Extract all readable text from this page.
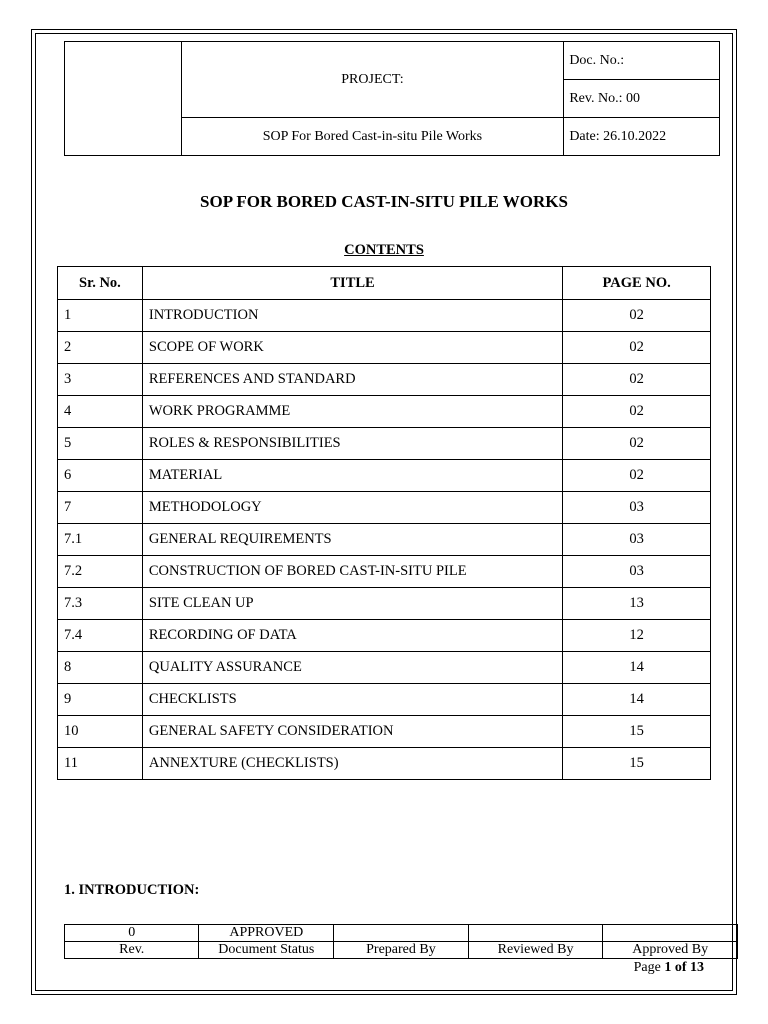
	PROJECT:	Doc. No.:
		Rev. No.: 00
	SOP For Bored Cast-in-situ Pile Works	Date: 26.10.2022
SOP FOR BORED CAST-IN-SITU PILE WORKS
CONTENTS
Sr. No.	TITLE	PAGE NO.
1	INTRODUCTION	02
2	SCOPE OF WORK	02
3	REFERENCES AND STANDARD	02
4	WORK PROGRAMME	02
5	ROLES & RESPONSIBILITIES	02
6	MATERIAL	02
7	METHODOLOGY	03
7.1	GENERAL REQUIREMENTS	03
7.2	CONSTRUCTION OF BORED CAST-IN-SITU PILE	03
7.3	SITE CLEAN UP	13
7.4	RECORDING OF DATA	12
8	QUALITY ASSURANCE	14
9	CHECKLISTS	14
10	GENERAL SAFETY CONSIDERATION	15
11	ANNEXTURE (CHECKLISTS)	15
1. INTRODUCTION:
0	APPROVED			
Rev.	Document Status	Prepared By	Reviewed By	Approved By
Page 1 of 13
